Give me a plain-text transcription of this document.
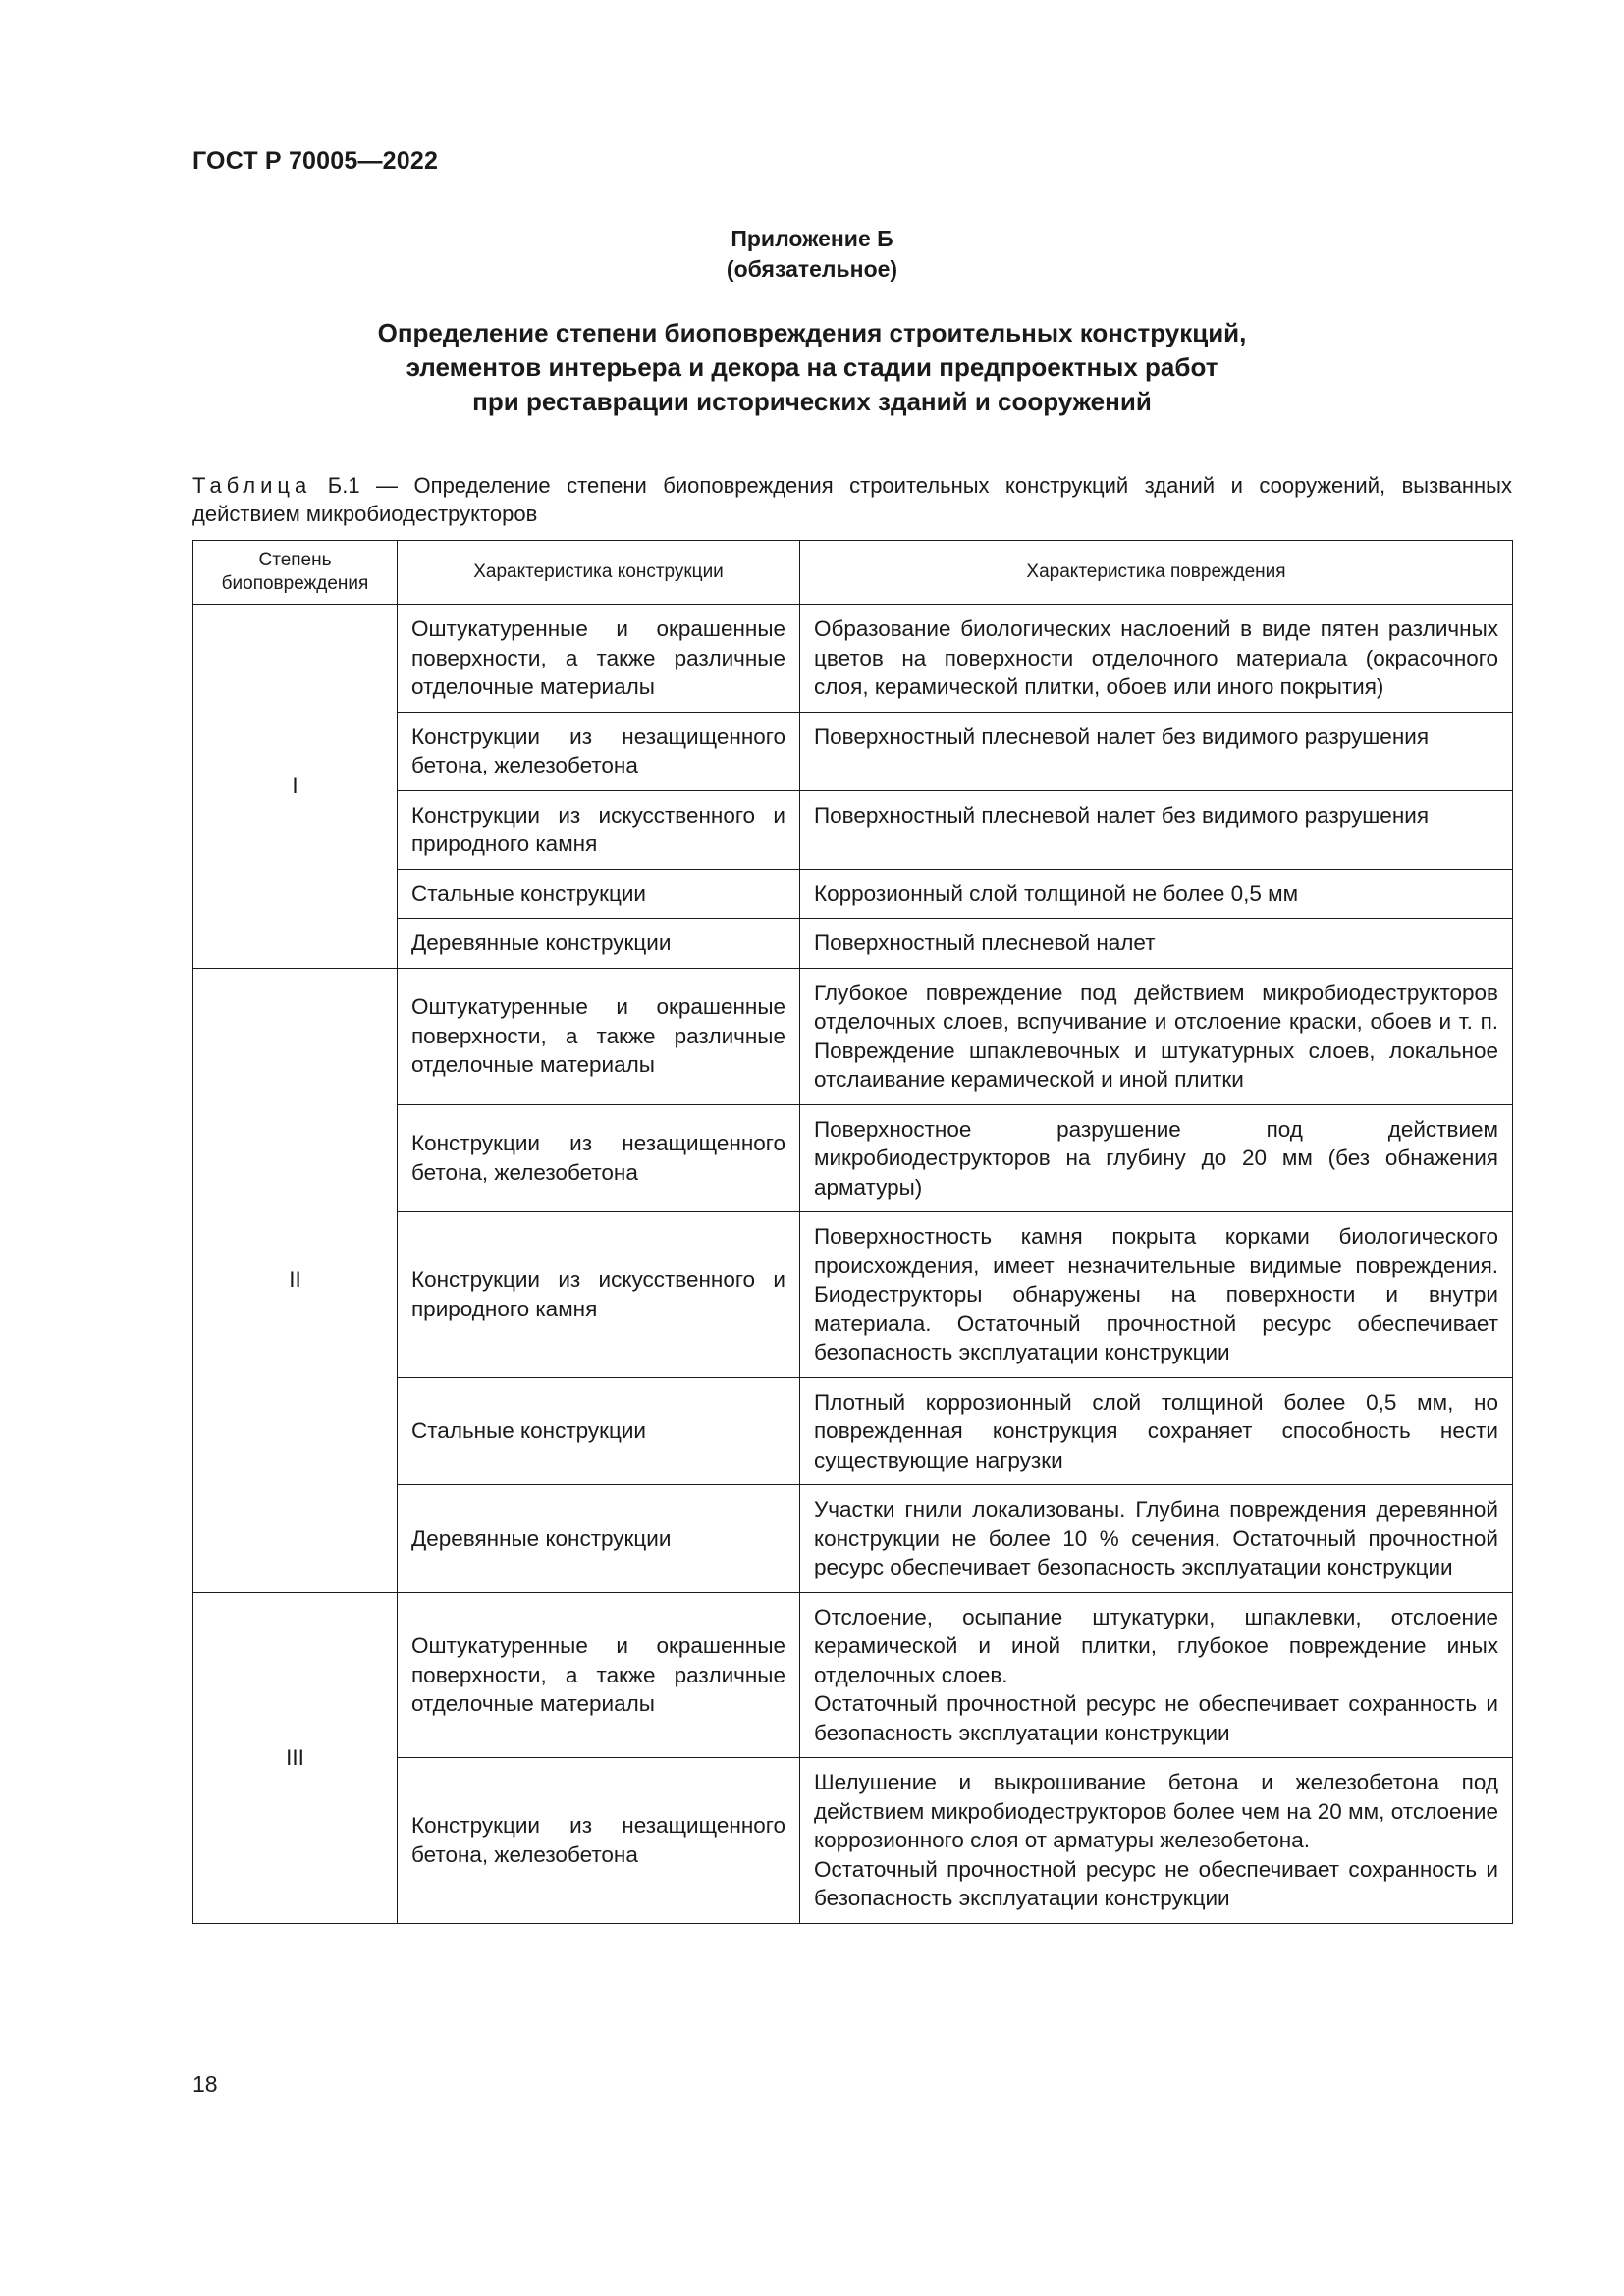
ГОСТ Р 70005—2022
Приложение Б
(обязательное)
Определение степени биоповреждения строительных конструкций,
элементов интерьера и декора на стадии предпроектных работ
при реставрации исторических зданий и сооружений
Таблица Б.1 — Определение степени биоповреждения строительных конструкций зданий и сооружений, вызванных действием микробиодеструкторов
Степень биоповреждения	Характеристика конструкции	Характеристика повреждения
I	Оштукатуренные и окрашенные поверхности, а также различные отделочные материалы	Образование биологических наслоений в виде пятен различных цветов на поверхности отделочного материала (окрасочного слоя, керамической плитки, обоев или иного покрытия)
	Конструкции из незащищенного бетона, железобетона	Поверхностный плесневой налет без видимого разрушения
	Конструкции из искусственного и природного камня	Поверхностный плесневой налет без видимого разрушения
	Стальные конструкции	Коррозионный слой толщиной не более 0,5 мм
	Деревянные конструкции	Поверхностный плесневой налет
II	Оштукатуренные и окрашенные поверхности, а также различные отделочные материалы	Глубокое повреждение под действием микробиодеструкторов отделочных слоев, вспучивание и отслоение краски, обоев и т. п. Повреждение шпаклевочных и штукатурных слоев, локальное отслаивание керамической и иной плитки
	Конструкции из незащищенного бетона, железобетона	Поверхностное разрушение под действием микробиодеструкторов на глубину до 20 мм (без обнажения арматуры)
	Конструкции из искусственного и природного камня	Поверхностность камня покрыта корками биологического происхождения, имеет незначительные видимые повреждения. Биодеструкторы обнаружены на поверхности и внутри материала. Остаточный прочностной ресурс обеспечивает безопасность эксплуатации конструкции
	Стальные конструкции	Плотный коррозионный слой толщиной более 0,5 мм, но поврежденная конструкция сохраняет способность нести существующие нагрузки
	Деревянные конструкции	Участки гнили локализованы. Глубина повреждения деревянной конструкции не более 10 % сечения. Остаточный прочностной ресурс обеспечивает безопасность эксплуатации конструкции
III	Оштукатуренные и окрашенные поверхности, а также различные отделочные материалы	Отслоение, осыпание штукатурки, шпаклевки, отслоение керамической и иной плитки, глубокое повреждение иных отделочных слоев.
Остаточный прочностной ресурс не обеспечивает сохранность и безопасность эксплуатации конструкции
	Конструкции из незащищенного бетона, железобетона	Шелушение и выкрошивание бетона и железобетона под действием микробиодеструкторов более чем на 20 мм, отслоение коррозионного слоя от арматуры железобетона.
Остаточный прочностной ресурс не обеспечивает сохранность и безопасность эксплуатации конструкции
18
